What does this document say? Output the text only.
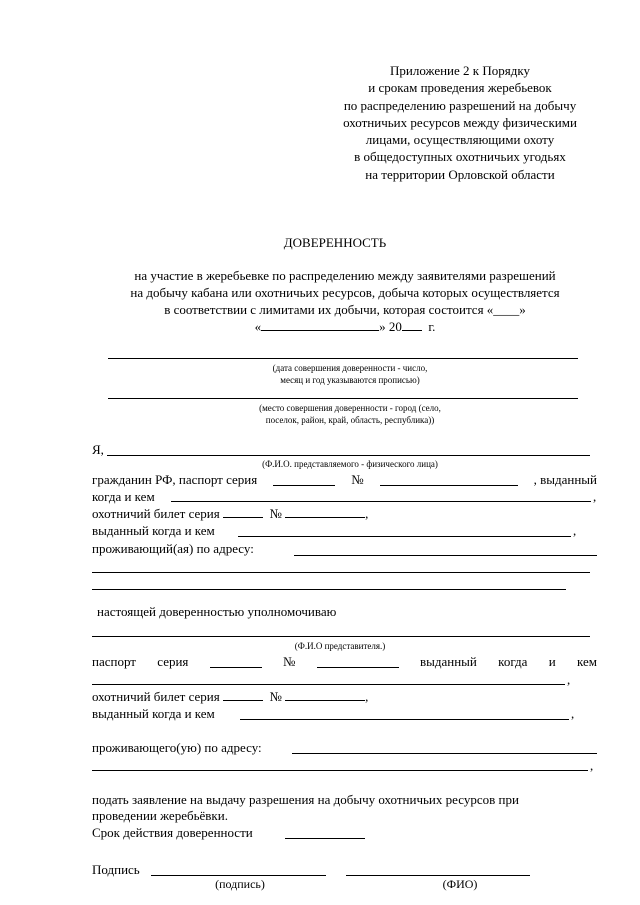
Приложение 2 к Порядку
и срокам проведения жеребьевок
по распределению разрешений на добычу
охотничьих ресурсов между физическими
лицами, осуществляющими охоту
в общедоступных охотничьих угодьях
на территории Орловской области
ДОВЕРЕННОСТЬ
на участие в жеребьевке по распределению между заявителями разрешений
на добычу кабана или охотничьих ресурсов, добыча которых осуществляется
в соответствии с лимитами их добычи, которая состоится «____»
«	» 20 г.
(дата совершения доверенности - число,
месяц и год указываются прописью)
(место совершения доверенности - город (село,
поселок, район, край, область, республика))
Я,
(Ф.И.О. представляемого - физического лица)
гражданин РФ, паспорт серия	№	, выданный
когда и кем	,
охотничий билет серия	№	,
выданный когда и кем	,
проживающий(ая) по адресу:
настоящей доверенностью уполномочиваю
(Ф.И.О представителя.)
паспорт серия	№	выданный когда и кем
,
охотничий билет серия	№	,
выданный когда и кем	,
проживающего(ую) по адресу:
,
подать заявление на выдачу разрешения на добычу охотничьих ресурсов при
проведении жеребьёвки.
Срок действия доверенности
Подпись
(подпись)	(ФИО)
